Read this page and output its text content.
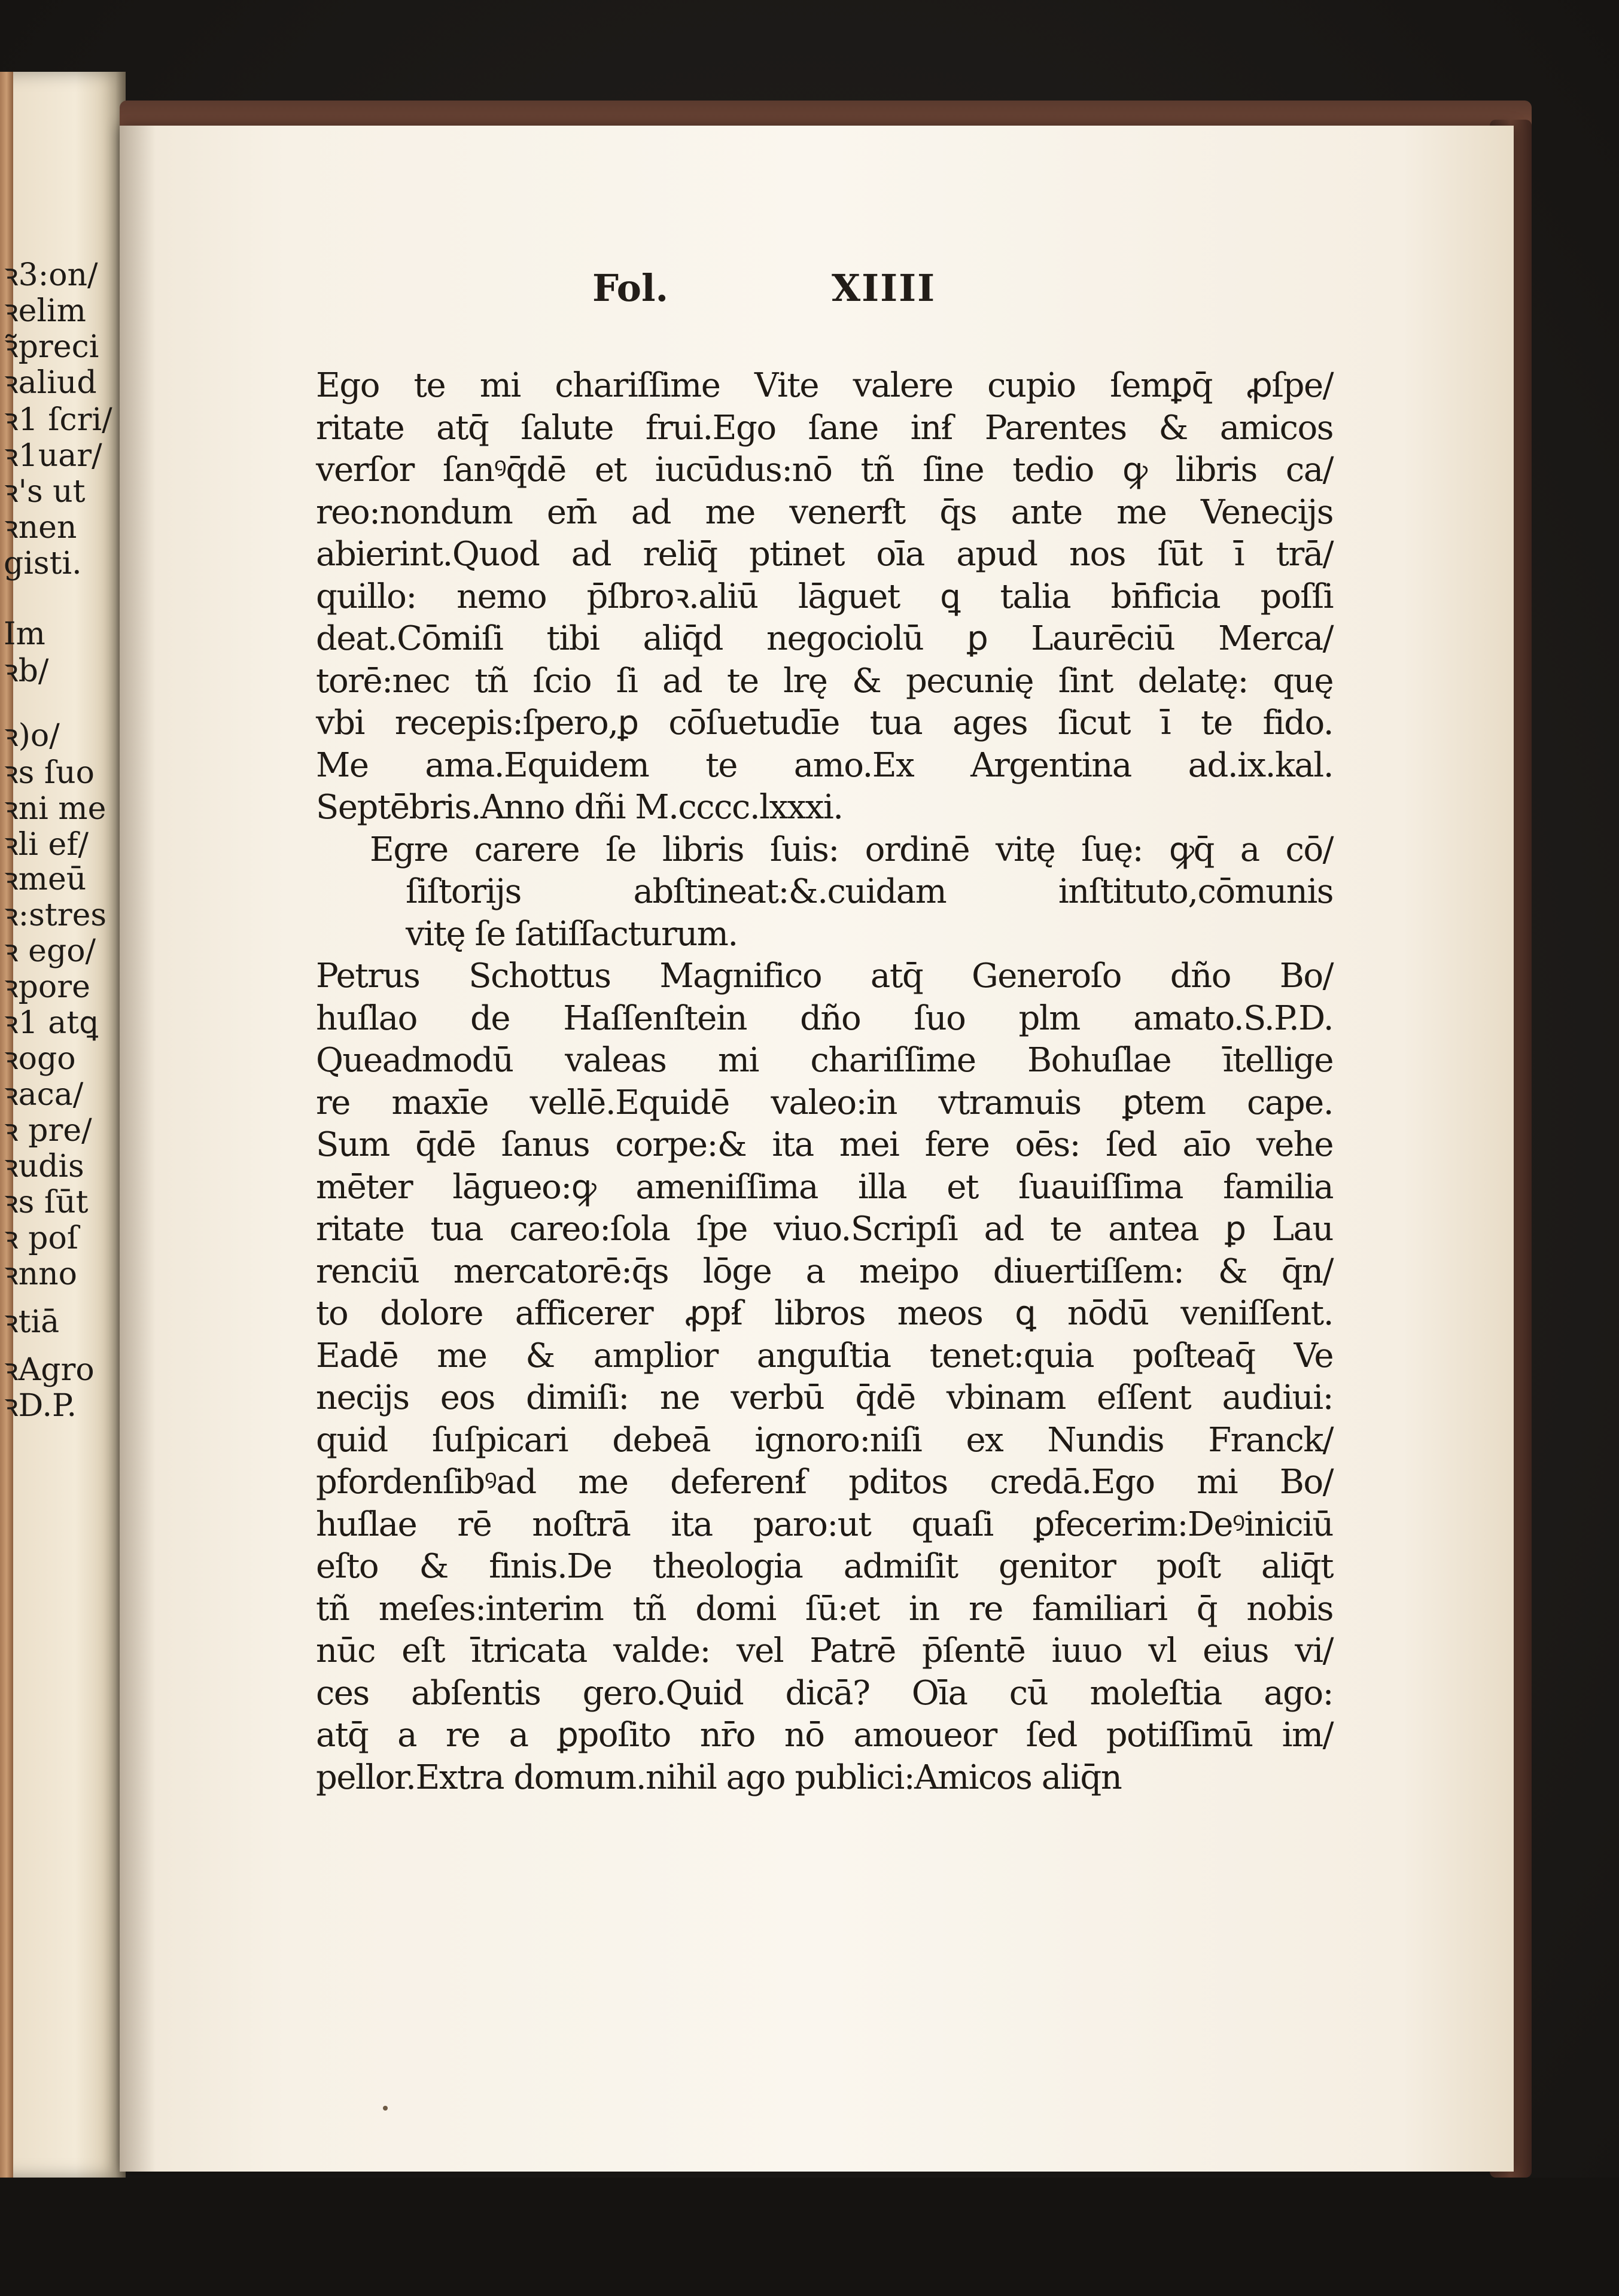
ꝛ3:on/
ꝛelim
ꝛ̃preci
ꝛaliud
ꝛ1 ſcri/
ꝛ1uar/
ꝛ's ut
ꝛnen
gisti.
Im
ꝛb/
ꝛ)o/
ꝛs ſuo
ꝛni me
ꝛli ef/
ꝛmeū
ꝛ:stres
ꝛ ego/
ꝛpore
ꝛ1 atꝗ
ꝛogo
ꝛaca/
ꝛ pre/
ꝛudis
ꝛs ſūt
ꝛ poſ
ꝛnno
ꝛtiā
ꝛAgro
ꝛD.P.
Fol.	XIIII
Ego te mi chariſſime Vite valere cupio ſemꝑq̄ ꝓſpe/
ritate atq̄ ſalute frui.Ego ſane inẜ Parentes & amicos
verſor ſanꝰq̄dē et iucūdus:nō tñ ſine tedio ꝙ libris ca/
reo:nondum em̄ ad me venerẜt q̄s ante me Venecijs
abierint.Quod ad reliq̄ ptinet oīa apud nos ſūt ī trā/
quillo: nemo p̄ſbroꝛ.aliū lāguet ꝗ talia bn̄ficia poſſi
deat.Cōmiſi tibi aliq̄d negociolū ꝑ Laurēciū Merca/
torē:nec tñ ſcio ſi ad te lrę & pecunię ſint delatę: quę
vbi recepis:ſpero,ꝑ cōſuetudīe tua ages ſicut ī te fido.
Me ama.Equidem te amo.Ex Argentina ad.ix.kal.
Septēbris.Anno dñi M.cccc.lxxxi.
Egre carere ſe libris ſuis: ordinē vitę ſuę: ꝙq̄ a cō/
ſiſtorijs abſtineat:&.cuidam inſtituto,cōmunis
vitę ſe ſatiſſacturum.
Petrus Schottus Magnifico atq̄ Generoſo dño Bo/
huſlao de Haſſenſtein dño ſuo plm amato.S.P.D.
Queadmodū valeas mi chariſſime Bohuſlae ītellige
re maxīe vellē.Equidē valeo:in vtramuis ꝑtem cape.
Sum q̄dē ſanus corpe:& ita mei fere oēs: ſed aīo vehe
mēter lāgueo:ꝙ ameniſſima illa et ſuauiſſima familia
ritate tua careo:ſola ſpe viuo.Scripſi ad te antea ꝑ Lau
renciū mercatorē:q̄s lōge a meipo diuertiſſem: & q̄n/
to dolore afficerer ꝓpẜ libros meos ꝗ nōdū veniſſent.
Eadē me & amplior anguſtia tenet:quia poſteaq̄ Ve
necijs eos dimiſi: ne verbū q̄dē vbinam eſſent audiui:
quid ſuſpicari debeā ignoro:niſi ex Nundis Franck/
pfordenſibꝰad me deferenẜ pditos credā.Ego mi Bo/
huſlae rē noſtrā ita paro:ut quaſi ꝑfecerim:Deꝰiniciū
eſto & finis.De theologia admiſit genitor poſt aliq̄t
tñ meſes:interim tñ domi ſū:et in re familiari q̄ nobis
nūc eſt ītricata valde: vel Patrē p̄ſentē iuuo vl eius vi/
ces abſentis gero.Quid dicā? Oīa cū moleſtia ago:
atq̄ a re a ꝑpoſito nr̄o nō amoueor ſed potiſſimū im/
pellor.Extra domum.nihil ago publici:Amicos aliq̄n
